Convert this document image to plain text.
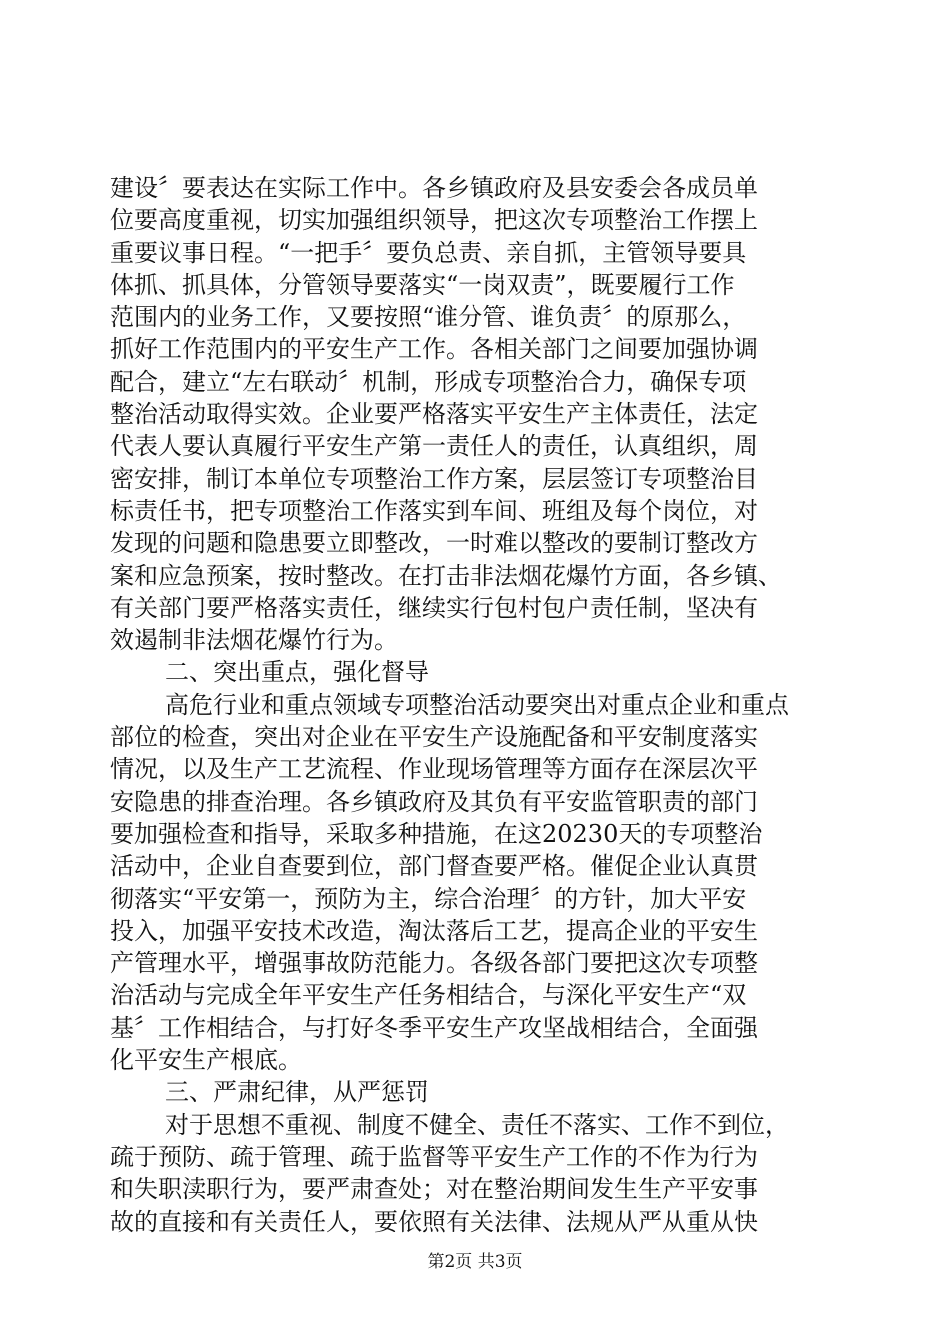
建设〞要表达在实际工作中。各乡镇政府及县安委会各成员单
位要高度重视，切实加强组织领导，把这次专项整治工作摆上
重要议事日程。“一把手〞要负总责、亲自抓，主管领导要具
体抓、抓具体，分管领导要落实“一岗双责”，既要履行工作
范围内的业务工作，又要按照“谁分管、谁负责〞的原那么，
抓好工作范围内的平安生产工作。各相关部门之间要加强协调
配合，建立“左右联动〞机制，形成专项整治合力，确保专项
整治活动取得实效。企业要严格落实平安生产主体责任，法定
代表人要认真履行平安生产第一责任人的责任，认真组织，周
密安排，制订本单位专项整治工作方案，层层签订专项整治目
标责任书，把专项整治工作落实到车间、班组及每个岗位，对
发现的问题和隐患要立即整改，一时难以整改的要制订整改方
案和应急预案，按时整改。在打击非法烟花爆竹方面，各乡镇、
有关部门要严格落实责任，继续实行包村包户责任制，坚决有
效遏制非法烟花爆竹行为。
二、突出重点，强化督导
高危行业和重点领域专项整治活动要突出对重点企业和重点
部位的检查，突出对企业在平安生产设施配备和平安制度落实
情况，以及生产工艺流程、作业现场管理等方面存在深层次平
安隐患的排查治理。各乡镇政府及其负有平安监管职责的部门
要加强检查和指导，采取多种措施，在这20230天的专项整治
活动中，企业自查要到位，部门督查要严格。催促企业认真贯
彻落实“平安第一，预防为主，综合治理〞的方针，加大平安
投入，加强平安技术改造，淘汰落后工艺，提高企业的平安生
产管理水平，增强事故防范能力。各级各部门要把这次专项整
治活动与完成全年平安生产任务相结合，与深化平安生产“双
基〞工作相结合，与打好冬季平安生产攻坚战相结合，全面强
化平安生产根底。
三、严肃纪律，从严惩罚
对于思想不重视、制度不健全、责任不落实、工作不到位，
疏于预防、疏于管理、疏于监督等平安生产工作的不作为行为
和失职渎职行为，要严肃查处；对在整治期间发生生产平安事
故的直接和有关责任人，要依照有关法律、法规从严从重从快
第2页 共3页
